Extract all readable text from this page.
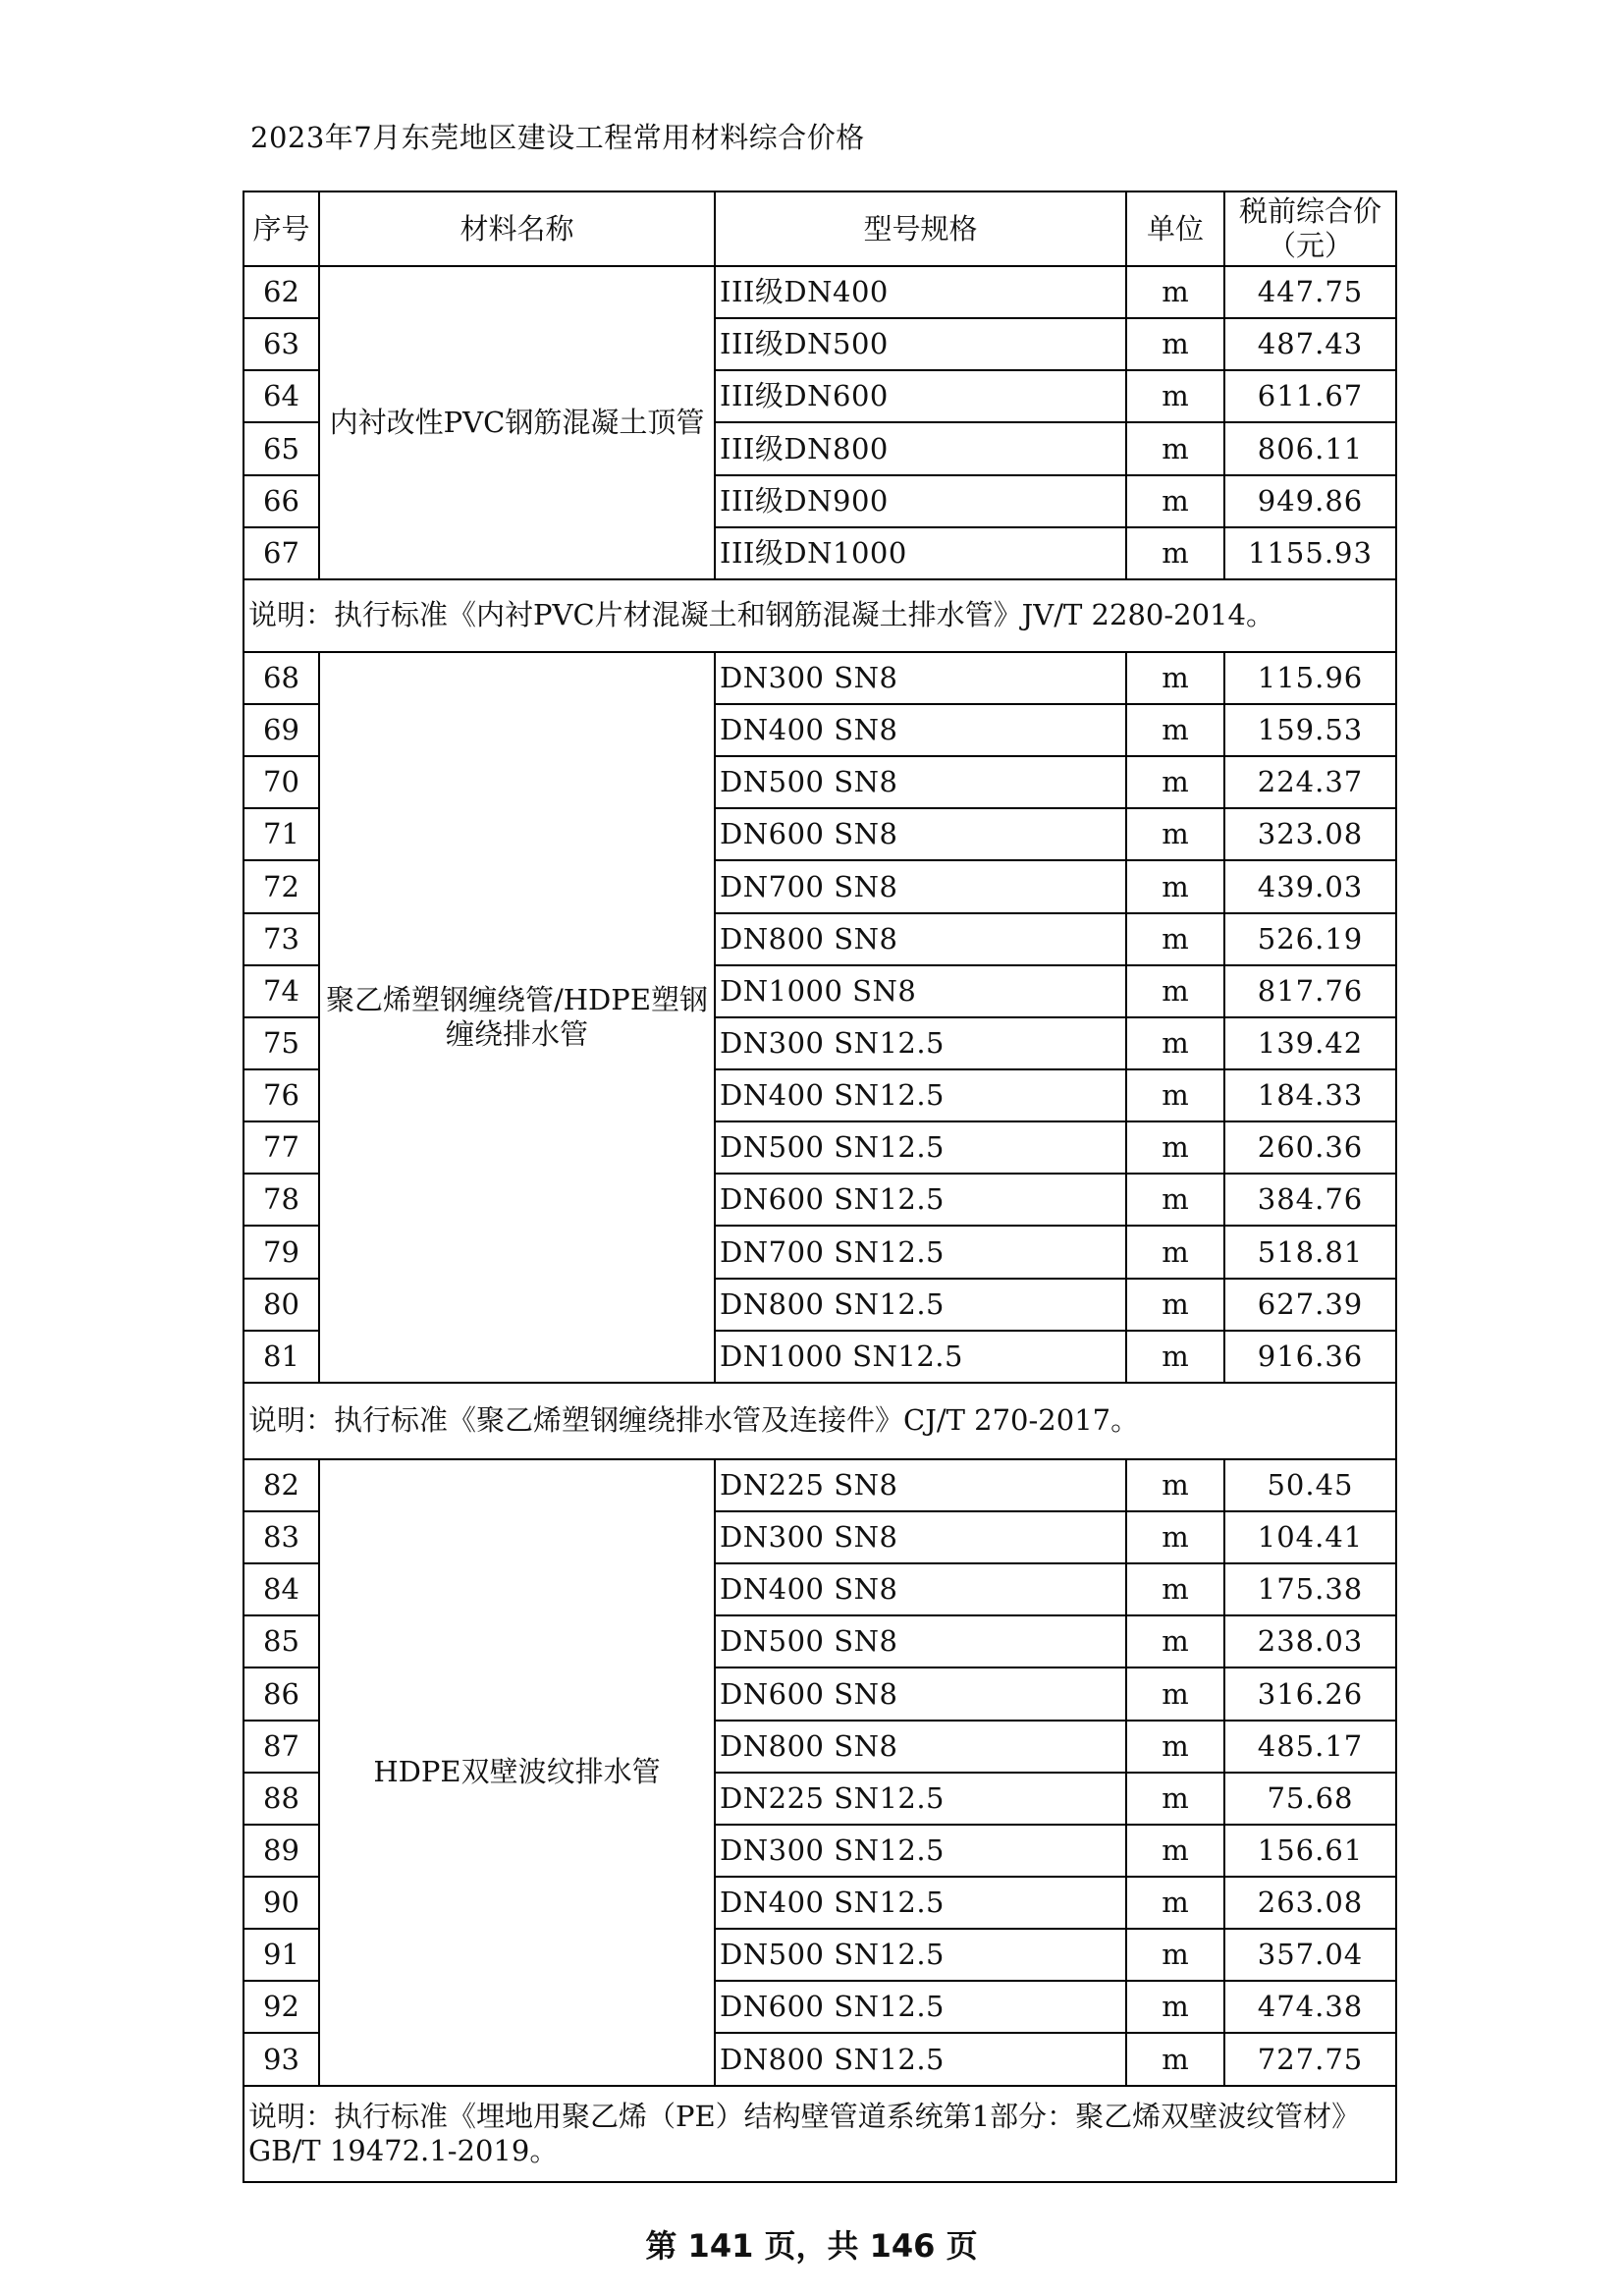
2023年7月东莞地区建设工程常用材料综合价格
序号	材料名称	型号规格	单位	税前综合价
（元）

62	内衬改性PVC钢筋混凝土顶管	III级DN400	m	447.75
63		III级DN500	m	487.43
64		III级DN600	m	611.67
65		III级DN800	m	806.11
66		III级DN900	m	949.86
67		III级DN1000	m	1155.93
说明：执行标准《内衬PVC片材混凝土和钢筋混凝土排水管》JV/T 2280-2014。				
68	聚乙烯塑钢缠绕管/HDPE塑钢缠绕排水管	DN300 SN8	m	115.96
69		DN400 SN8	m	159.53
70		DN500 SN8	m	224.37
71		DN600 SN8	m	323.08
72		DN700 SN8	m	439.03
73		DN800 SN8	m	526.19
74		DN1000 SN8	m	817.76
75		DN300 SN12.5	m	139.42
76		DN400 SN12.5	m	184.33
77		DN500 SN12.5	m	260.36
78		DN600 SN12.5	m	384.76
79		DN700 SN12.5	m	518.81
80		DN800 SN12.5	m	627.39
81		DN1000 SN12.5	m	916.36
说明：执行标准《聚乙烯塑钢缠绕排水管及连接件》CJ/T 270-2017。				
82	HDPE双壁波纹排水管	DN225 SN8	m	50.45
83		DN300 SN8	m	104.41
84		DN400 SN8	m	175.38
85		DN500 SN8	m	238.03
86		DN600 SN8	m	316.26
87		DN800 SN8	m	485.17
88		DN225 SN12.5	m	75.68
89		DN300 SN12.5	m	156.61
90		DN400 SN12.5	m	263.08
91		DN500 SN12.5	m	357.04
92		DN600 SN12.5	m	474.38
93		DN800 SN12.5	m	727.75
说明：执行标准《埋地用聚乙烯（PE）结构壁管道系统第1部分：聚乙烯双壁波纹管材》GB/T 19472.1-2019。				
第 141 页，共 146 页
